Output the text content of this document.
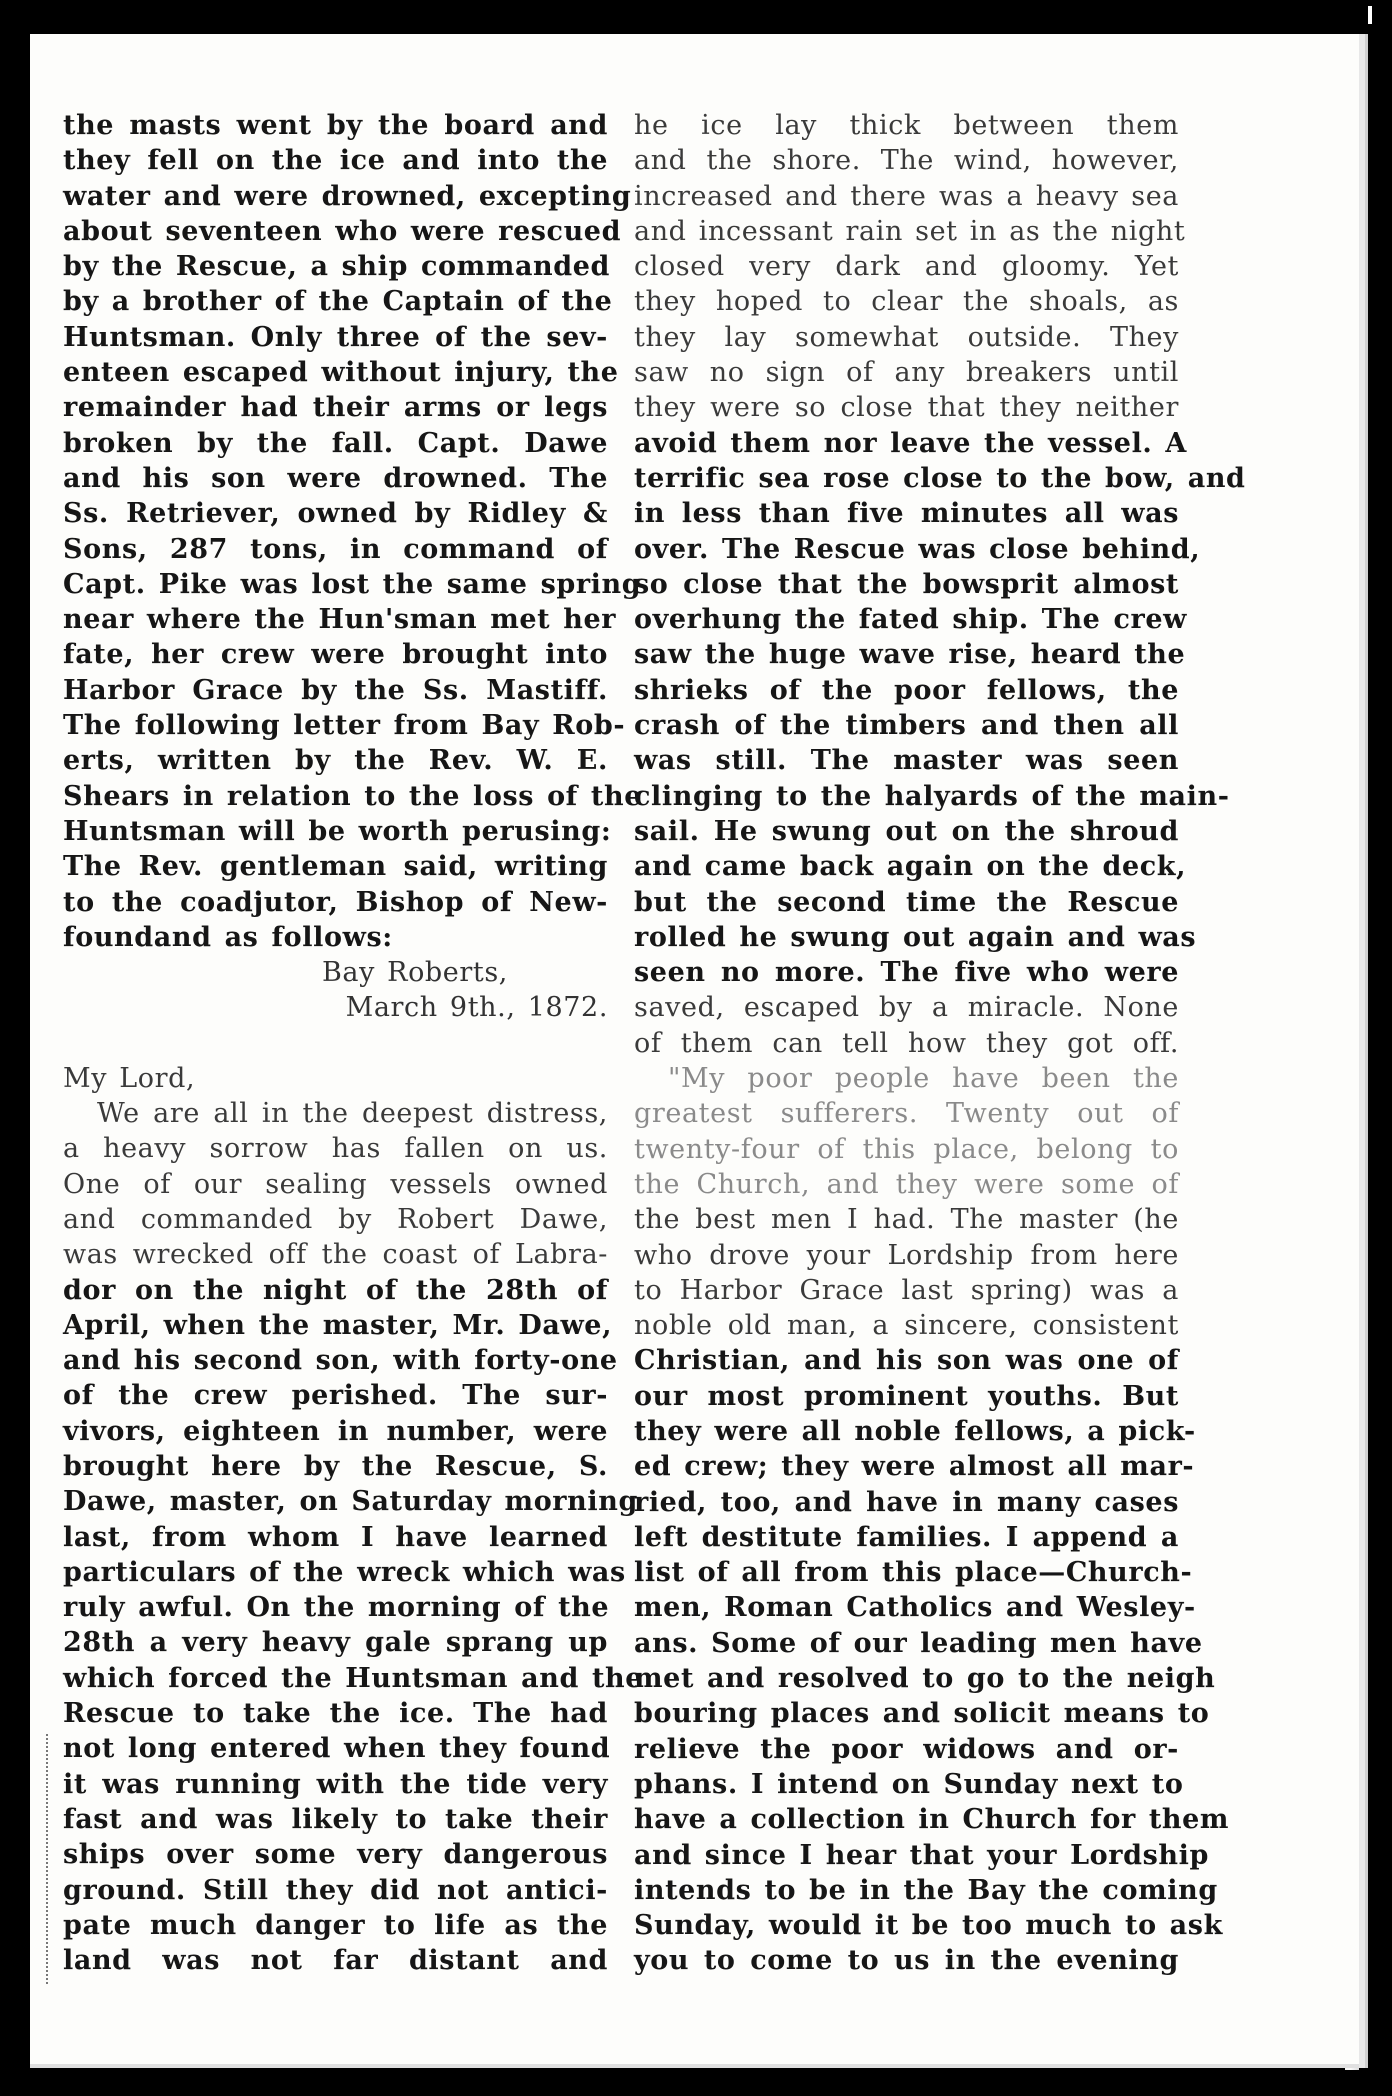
the masts went by the board and
they fell on the ice and into the
water and were drowned, excepting
about seventeen who were rescued
by the Rescue, a ship commanded
by a brother of the Captain of the
Huntsman. Only three of the sev-
enteen escaped without injury, the
remainder had their arms or legs
broken by the fall. Capt. Dawe
and his son were drowned. The
Ss. Retriever, owned by Ridley &
Sons, 287 tons, in command of
Capt. Pike was lost the same spring
near where the Hun'sman met her
fate, her crew were brought into
Harbor Grace by the Ss. Mastiff.
The following letter from Bay Rob-
erts, written by the Rev. W. E.
Shears in relation to the loss of the
Huntsman will be worth perusing:
The Rev. gentleman said, writing
to the coadjutor, Bishop of New-
foundand as follows:
Bay Roberts,
March 9th., 1872.
My Lord,
We are all in the deepest distress,
a heavy sorrow has fallen on us.
One of our sealing vessels owned
and commanded by Robert Dawe,
was wrecked off the coast of Labra-
dor on the night of the 28th of
April, when the master, Mr. Dawe,
and his second son, with forty-one
of the crew perished. The sur-
vivors, eighteen in number, were
brought here by the Rescue, S.
Dawe, master, on Saturday morning
last, from whom I have learned
particulars of the wreck which was
ruly awful. On the morning of the
28th a very heavy gale sprang up
which forced the Huntsman and the
Rescue to take the ice. The had
not long entered when they found
it was running with the tide very
fast and was likely to take their
ships over some very dangerous
ground. Still they did not antici-
pate much danger to life as the
land was not far distant and
he ice lay thick between them
and the shore. The wind, however,
increased and there was a heavy sea
and incessant rain set in as the night
closed very dark and gloomy. Yet
they hoped to clear the shoals, as
they lay somewhat outside. They
saw no sign of any breakers until
they were so close that they neither
avoid them nor leave the vessel. A
terrific sea rose close to the bow, and
in less than five minutes all was
over. The Rescue was close behind,
so close that the bowsprit almost
overhung the fated ship. The crew
saw the huge wave rise, heard the
shrieks of the poor fellows, the
crash of the timbers and then all
was still. The master was seen
clinging to the halyards of the main-
sail. He swung out on the shroud
and came back again on the deck,
but the second time the Rescue
rolled he swung out again and was
seen no more. The five who were
saved, escaped by a miracle. None
of them can tell how they got off.
"My poor people have been the
greatest sufferers. Twenty out of
twenty-four of this place, belong to
the Church, and they were some of
the best men I had. The master (he
who drove your Lordship from here
to Harbor Grace last spring) was a
noble old man, a sincere, consistent
Christian, and his son was one of
our most prominent youths. But
they were all noble fellows, a pick-
ed crew; they were almost all mar-
ried, too, and have in many cases
left destitute families. I append a
list of all from this place—Church-
men, Roman Catholics and Wesley-
ans. Some of our leading men have
met and resolved to go to the neigh
bouring places and solicit means to
relieve the poor widows and or-
phans. I intend on Sunday next to
have a collection in Church for them
and since I hear that your Lordship
intends to be in the Bay the coming
Sunday, would it be too much to ask
you to come to us in the evening
